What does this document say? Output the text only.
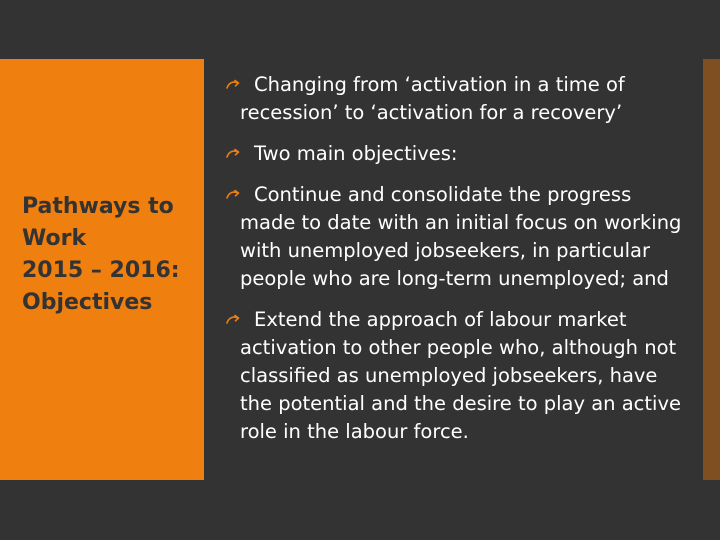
Pathways to
Work
2015 – 2016:
Objectives

Changing from ‘activation in a time of recession’ to ‘activation for a recovery’

Two main objectives:

Continue and consolidate the progress made to date with an initial focus on working with unemployed jobseekers, in particular people who are long-term unemployed; and

Extend the approach of labour market activation to other people who, although not classified as unemployed jobseekers, have the potential and the desire to play an active role in the labour force.
